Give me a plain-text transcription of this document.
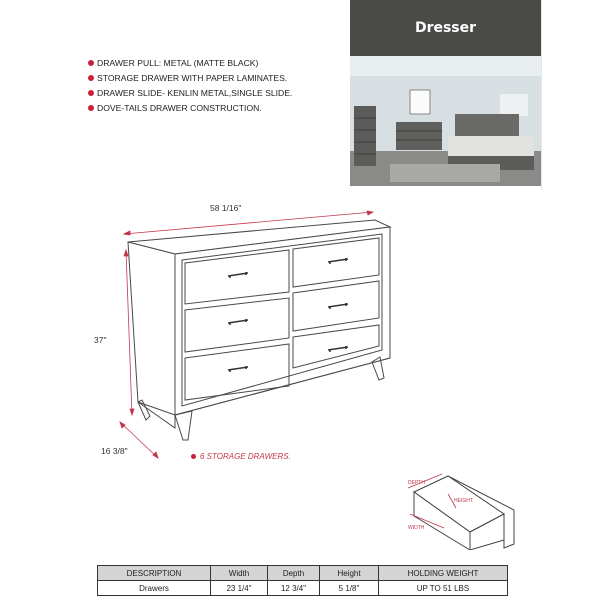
Dresser
DRAWER PULL: METAL (MATTE BLACK)
STORAGE DRAWER WITH PAPER LAMINATES.
DRAWER SLIDE- KENLIN METAL,SINGLE SLIDE.
DOVE-TAILS DRAWER CONSTRUCTION.
58 1/16"
37"
16 3/8"
6 STORAGE DRAWERS.
DEPTH
HEIGHT
WIDTH
DESCRIPTION	Width	Depth	Height	HOLDING WEIGHT
Drawers	23 1/4"	12 3/4"	5 1/8"	UP TO 51 LBS
